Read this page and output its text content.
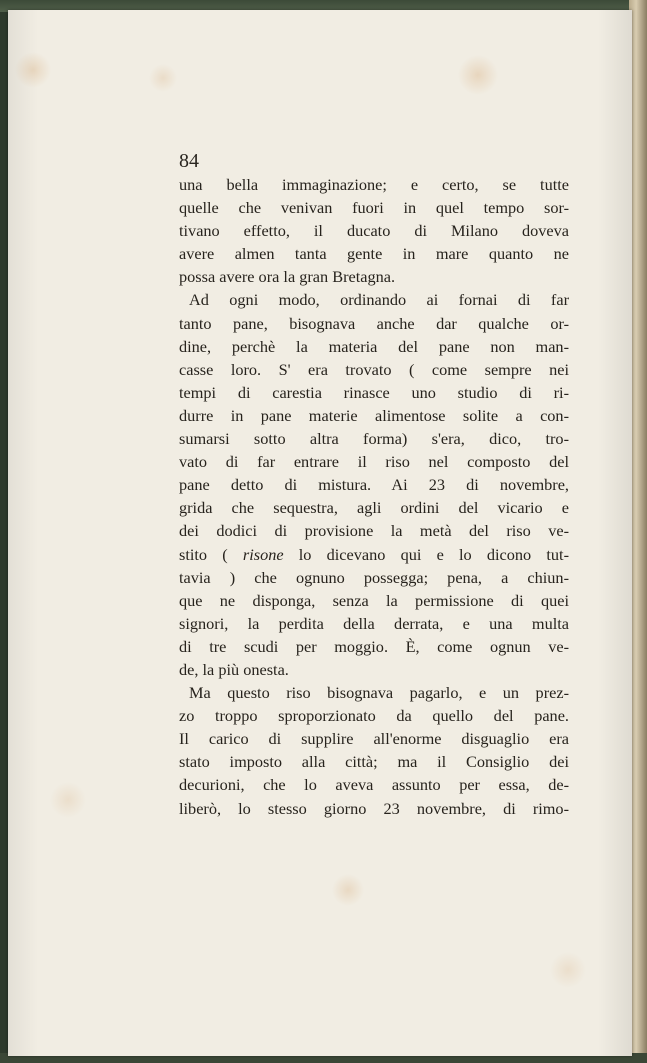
84
una bella immaginazione; e certo, se tutte
quelle che venivan fuori in quel tempo sor-
tivano effetto, il ducato di Milano doveva
avere almen tanta gente in mare quanto ne
possa avere ora la gran Bretagna.
Ad ogni modo, ordinando ai fornai di far
tanto pane, bisognava anche dar qualche or-
dine, perchè la materia del pane non man-
casse loro. S' era trovato ( come sempre nei
tempi di carestia rinasce uno studio di ri-
durre in pane materie alimentose solite a con-
sumarsi sotto altra forma) s'era, dico, tro-
vato di far entrare il riso nel composto del
pane detto di mistura. Ai 23 di novembre,
grida che sequestra, agli ordini del vicario e
dei dodici di provisione la metà del riso ve-
stito ( risone lo dicevano qui e lo dicono tut-
tavia ) che ognuno possegga; pena, a chiun-
que ne disponga, senza la permissione di quei
signori, la perdita della derrata, e una multa
di tre scudi per moggio. È, come ognun ve-
de, la più onesta.
Ma questo riso bisognava pagarlo, e un prez-
zo troppo sproporzionato da quello del pane.
Il carico di supplire all'enorme disguaglio era
stato imposto alla città; ma il Consiglio dei
decurioni, che lo aveva assunto per essa, de-
liberò, lo stesso giorno 23 novembre, di rimo-
